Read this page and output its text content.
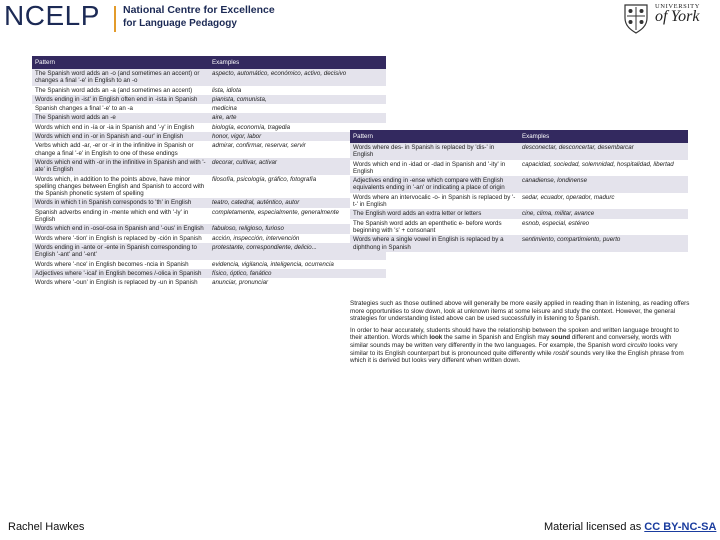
NCELP National Centre for Excellence
for Language Pedagogy
UNIVERSITY
of York
Pattern	Examples
The Spanish word adds an -o (and sometimes an accent) or changes a final '-e' in English to an -o	aspecto, automático, económico, activo, decisivo
The Spanish word adds an -a (and sometimes an accent)	lista, idiota
Words ending in -ist' in English often end in -ista in Spanish	pianista, comunista,
Spanish changes a final '-e' to an -a	medicina
The Spanish word adds an -e	aire, arte
Words which end in -ía or -ia in Spanish and '-y' in English	biología, economía, tragedia
Words which end in -or in Spanish and -our' in English	honor, vigor, labor
Verbs which add -ar, -er or -ir in the infinitive in Spanish or change a final '-e' in English to one of these endings	admirar, confirmar, reservar, servir
Words which end with -or in the infinitive in Spanish and with '-ate' in English	decorar, cultivar, activar
Words which, in addition to the points above, have minor spelling changes between English and Spanish to accord with the Spanish phonetic system of spelling	filosofía, psicología, gráfico, fotografía
Words in which t in Spanish corresponds to 'th' in English	teatro, catedral, auténtico, autor
Spanish adverbs ending in -mente which end with '-ly' in English	completamente, especialmente, generalmente
Words which end in -oso/-osa in Spanish and '-ous' in English	fabuloso, religioso, furioso
Words where '-tion' in English is replaced by -ción in Spanish	acción, inspección, intervención
Words ending in -ante or -ente in Spanish corresponding to English '-ant' and '-ent'	protestante, correspondiente, delicio...
Words where '-nce' in English becomes -ncia in Spanish	evidencia, vigilancia, inteligencia, ocurrencia
Adjectives where '-ical' in English becomes /-olica in Spanish	físico, óptico, fanático
Words where '-oun' in English is replaced by -un in Spanish	anunciar, pronunciar
Pattern	Examples
Words where des- in Spanish is replaced by 'dis-' in English	desconectar, desconcertar, desembarcar
Words which end in -idad or -dad in Spanish and '-ity' in English	capacidad, sociedad, solemnidad, hospitalidad, libertad
Adjectives ending in -ense which compare with English equivalents ending in '-an' or indicating a place of origin	canadiense, londinense
Words where an intervocalic -o- in Spanish is replaced by '-t-' in English	sedar, ecuador, operador, madurc
The English word adds an extra letter or letters	cine, clima, militar, avance
The Spanish word adds an epenthetic e- before words beginning with 's' + consonant	esnob, especial, estéreo
Words where a single vowel in English is replaced by a diphthong in Spanish	sentimiento, compartimiento, puerto

Strategies such as those outlined above will generally be more easily applied in reading than in listening, as reading offers more opportunities to slow down, look at unknown items at some leisure and study the context. However, the general strategies for understanding listed above can be used successfully in listening to Spanish.

In order to hear accurately, students should have the relationship between the spoken and written language brought to their attention. Words which look the same in Spanish and English may sound different and conversely, words with similar sounds may be written very differently in the two languages. For example, the Spanish word circuito looks very similar to its English counterpart but is pronounced quite differently while rosbif sounds very like the English phrase from which it is derived but looks very different when written down.

Rachel Hawkes	Material licensed as CC BY-NC-SA
